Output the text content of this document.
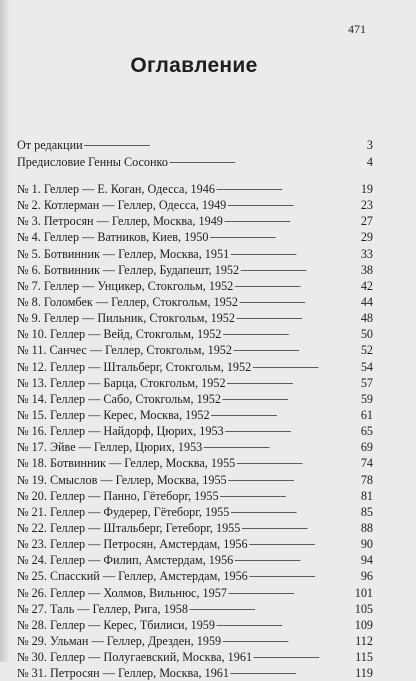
471
Оглавление
От редакции . . .	3
Предисловие Генны Сосонко . . .	4
№ 1. Геллер — Е. Коган, Одесса, 1946 . . .	19
№ 2. Котлерман — Геллер, Одесса, 1949 . . .	23
№ 3. Петросян — Геллер, Москва, 1949 . . .	27
№ 4. Геллер — Ватников, Киев, 1950 . . .	29
№ 5. Ботвинник — Геллер, Москва, 1951 . . .	33
№ 6. Ботвинник — Геллер, Будапешт, 1952 . . .	38
№ 7. Геллер — Унцикер, Стокгольм, 1952 . . .	42
№ 8. Голомбек — Геллер, Стокгольм, 1952 . . .	44
№ 9. Геллер — Пильник, Стокгольм, 1952 . . .	48
№ 10. Геллер — Вейд, Стокгольм, 1952 . . .	50
№ 11. Санчес — Геллер, Стокгольм, 1952 . . .	52
№ 12. Геллер — Штальберг, Стокгольм, 1952 . . .	54
№ 13. Геллер — Барца, Стокгольм, 1952 . . .	57
№ 14. Геллер — Сабо, Стокгольм, 1952 . . .	59
№ 15. Геллер — Керес, Москва, 1952 . . .	61
№ 16. Геллер — Найдорф, Цюрих, 1953 . . .	65
№ 17. Эйве — Геллер, Цюрих, 1953 . . .	69
№ 18. Ботвинник — Геллер, Москва, 1955 . . .	74
№ 19. Смыслов — Геллер, Москва, 1955 . . .	78
№ 20. Геллер — Панно, Гётеборг, 1955 . . .	81
№ 21. Геллер — Фудерер, Гётеборг, 1955 . . .	85
№ 22. Геллер — Штальберг, Гетеборг, 1955 . . .	88
№ 23. Геллер — Петросян, Амстердам, 1956 . . .	90
№ 24. Геллер — Филип, Амстердам, 1956 . . .	94
№ 25. Спасский — Геллер, Амстердам, 1956 . . .	96
№ 26. Геллер — Холмов, Вильнюс, 1957 . . .	101
№ 27. Таль — Геллер, Рига, 1958 . . .	105
№ 28. Геллер — Керес, Тбилиси, 1959 . . .	109
№ 29. Ульман — Геллер, Дрезден, 1959 . . .	112
№ 30. Геллер — Полугаевский, Москва, 1961 . . .	115
№ 31. Петросян — Геллер, Москва, 1961 . . .	119
